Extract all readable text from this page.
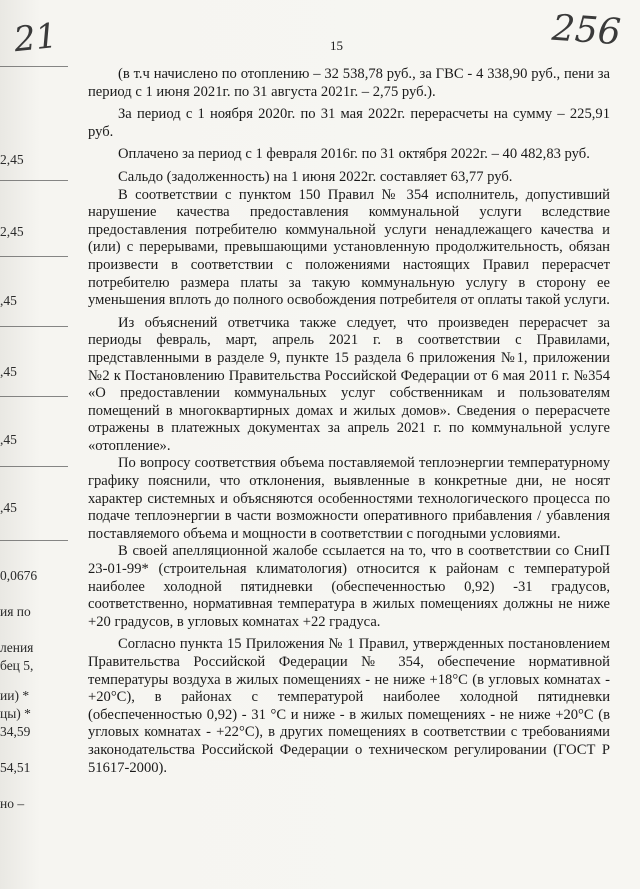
21	256
15
2,45
2,45
,45
,45
,45
,45
0,0676
ия по
ления
бец 5,
ии) *
цы) *
34,59
54,51
но –

(в т.ч начислено по отоплению – 32 538,78 руб., за ГВС - 4 338,90 руб., пени за период с 1 июня 2021г. по 31 августа 2021г. – 2,75 руб.).

За период с 1 ноября 2020г. по 31 мая 2022г. перерасчеты на сумму – 225,91 руб.

Оплачено за период с 1 февраля 2016г. по 31 октября 2022г. – 40 482,83 руб.

Сальдо (задолженность) на 1 июня 2022г. составляет 63,77 руб.

В соответствии с пунктом 150 Правил № 354 исполнитель, допустивший нарушение качества предоставления коммунальной услуги вследствие предоставления потребителю коммунальной услуги ненадлежащего качества и (или) с перерывами, превышающими установленную продолжительность, обязан произвести в соответствии с положениями настоящих Правил перерасчет потребителю размера платы за такую коммунальную услугу в сторону ее уменьшения вплоть до полного освобождения потребителя от оплаты такой услуги.

Из объяснений ответчика также следует, что произведен перерасчет за периоды февраль, март, апрель 2021 г. в соответствии с Правилами, представленными в разделе 9, пункте 15 раздела 6 приложения №1, приложении №2 к Постановлению Правительства Российской Федерации от 6 мая 2011 г. №354 «О предоставлении коммунальных услуг собственникам и пользователям помещений в многоквартирных домах и жилых домов». Сведения о перерасчете отражены в платежных документах за апрель 2021 г. по коммунальной услуге «отопление».

По вопросу соответствия объема поставляемой теплоэнергии температурному графику пояснили, что отклонения, выявленные в конкретные дни, не носят характер системных и объясняются особенностями технологического процесса по подаче теплоэнергии в части возможности оперативного прибавления / убавления поставляемого объема и мощности в соответствии с погодными условиями.

В своей апелляционной жалобе ссылается на то, что в соответствии со СниП 23-01-99* (строительная климатология) относится к районам с температурой наиболее холодной пятидневки (обеспеченностью 0,92) -31 градусов, соответственно, нормативная температура в жилых помещениях должны не ниже +20 градусов, в угловых комнатах +22 градуса.

Согласно пункта 15 Приложения № 1 Правил, утвержденных постановлением Правительства Российской Федерации № 354, обеспечение нормативной температуры воздуха в жилых помещениях - не ниже +18°С (в угловых комнатах - +20°С), в районах с температурой наиболее холодной пятидневки (обеспеченностью 0,92) - 31 °С и ниже - в жилых помещениях - не ниже +20°С (в угловых комнатах - +22°С), в других помещениях в соответствии с требованиями законодательства Российской Федерации о техническом регулировании (ГОСТ Р 51617-2000).
